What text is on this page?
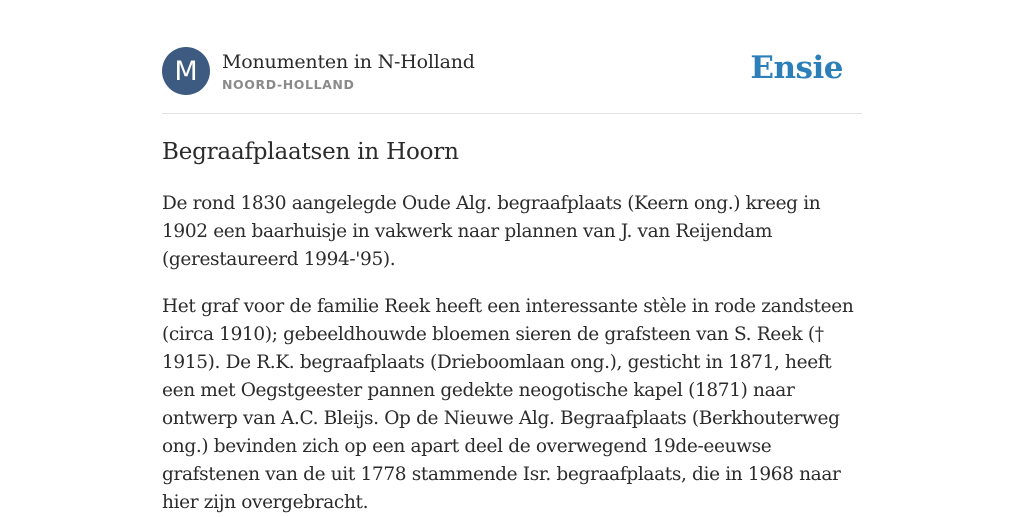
M	Monumenten in N-Holland
NOORD-HOLLAND	Ensie
Begraafplaatsen in Hoorn

De rond 1830 aangelegde Oude Alg. begraafplaats (Keern ong.) kreeg in 1902 een baarhuisje in vakwerk naar plannen van J. van Reijendam (gerestaureerd 1994-'95).

Het graf voor de familie Reek heeft een interessante stèle in rode zandsteen (circa 1910); gebeeldhouwde bloemen sieren de grafsteen van S. Reek († 1915). De R.K. begraafplaats (Drieboomlaan ong.), gesticht in 1871, heeft een met Oegstgeester pannen gedekte neogotische kapel (1871) naar ontwerp van A.C. Bleijs. Op de Nieuwe Alg. Begraafplaats (Berkhouterweg ong.) bevinden zich op een apart deel de overwegend 19de-eeuwse grafstenen van de uit 1778 stammende Isr. begraafplaats, die in 1968 naar hier zijn overgebracht.
